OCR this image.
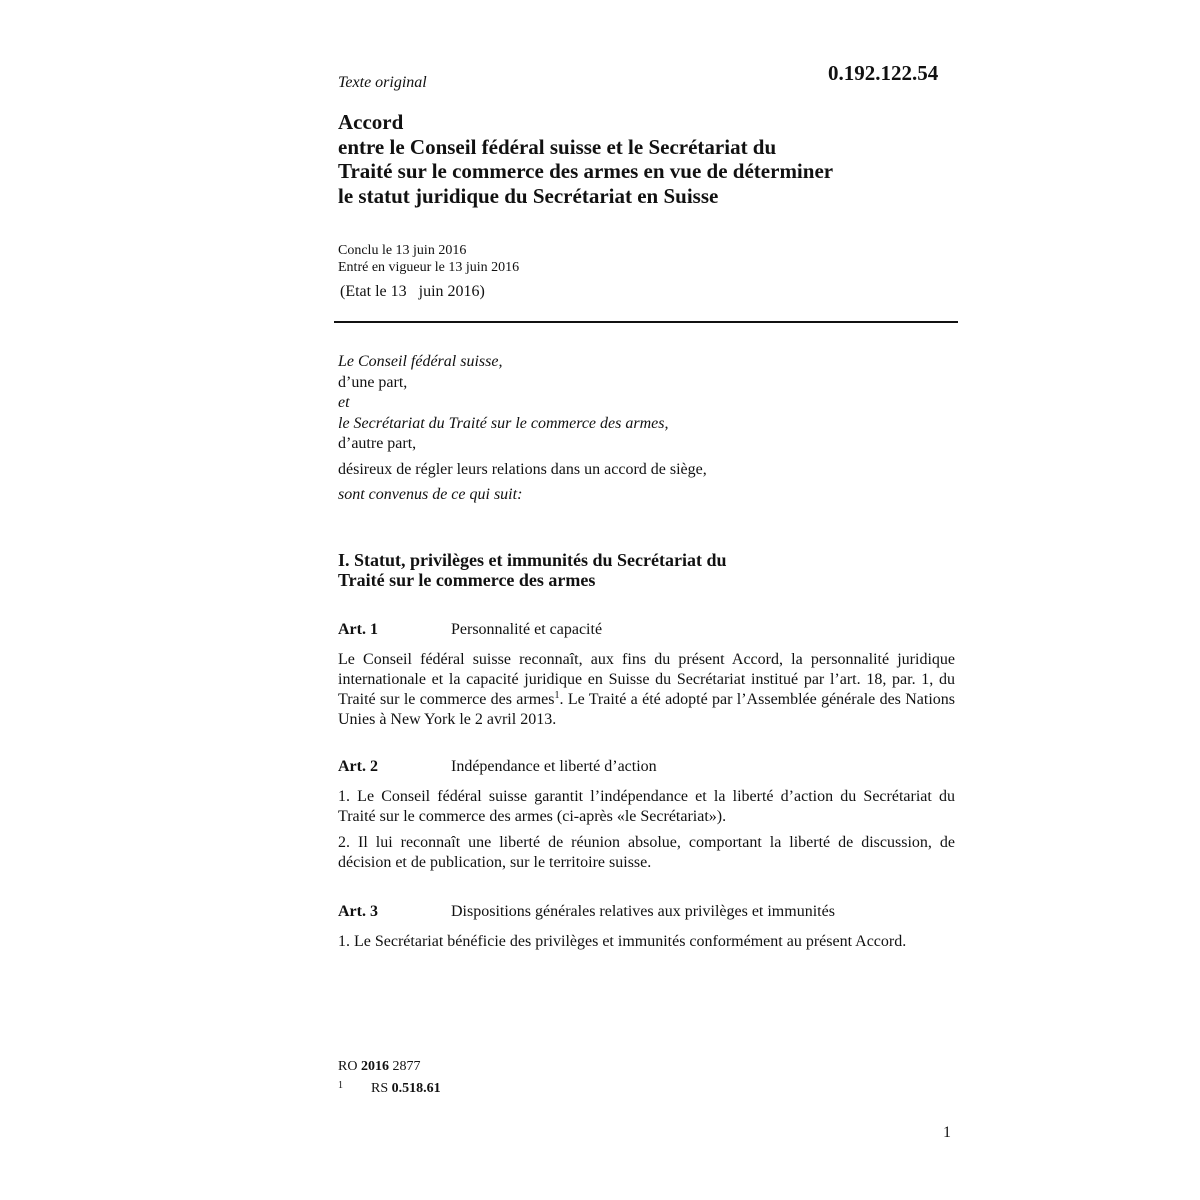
Texte original	0.192.122.54
Accord
entre le Conseil fédéral suisse et le Secrétariat du
Traité sur le commerce des armes en vue de déterminer
le statut juridique du Secrétariat en Suisse
Conclu le 13 juin 2016
Entré en vigueur le 13 juin 2016
(Etat le 13   juin 2016)
Le Conseil fédéral suisse,
d’une part,
et
le Secrétariat du Traité sur le commerce des armes,
d’autre part,
désireux de régler leurs relations dans un accord de siège,
sont convenus de ce qui suit:
I. Statut, privilèges et immunités du Secrétariat du
Traité sur le commerce des armes
Art. 1	Personnalité et capacité

Le Conseil fédéral suisse reconnaît, aux fins du présent Accord, la personnalité juridique internationale et la capacité juridique en Suisse du Secrétariat institué par l’art. 18, par. 1, du Traité sur le commerce des armes$^1$. Le Traité a été adopté par l’Assemblée générale des Nations Unies à New York le 2 avril 2013.

Art. 2	Indépendance et liberté d’action

1. Le Conseil fédéral suisse garantit l’indépendance et la liberté d’action du Secrétariat du Traité sur le commerce des armes (ci-après «le Secrétariat»).

2. Il lui reconnaît une liberté de réunion absolue, comportant la liberté de discussion, de décision et de publication, sur le territoire suisse.

Art. 3	Dispositions générales relatives aux privilèges et immunités

1. Le Secrétariat bénéficie des privilèges et immunités conformément au présent Accord.

RO 2016 2877
1 RS 0.518.61
1
